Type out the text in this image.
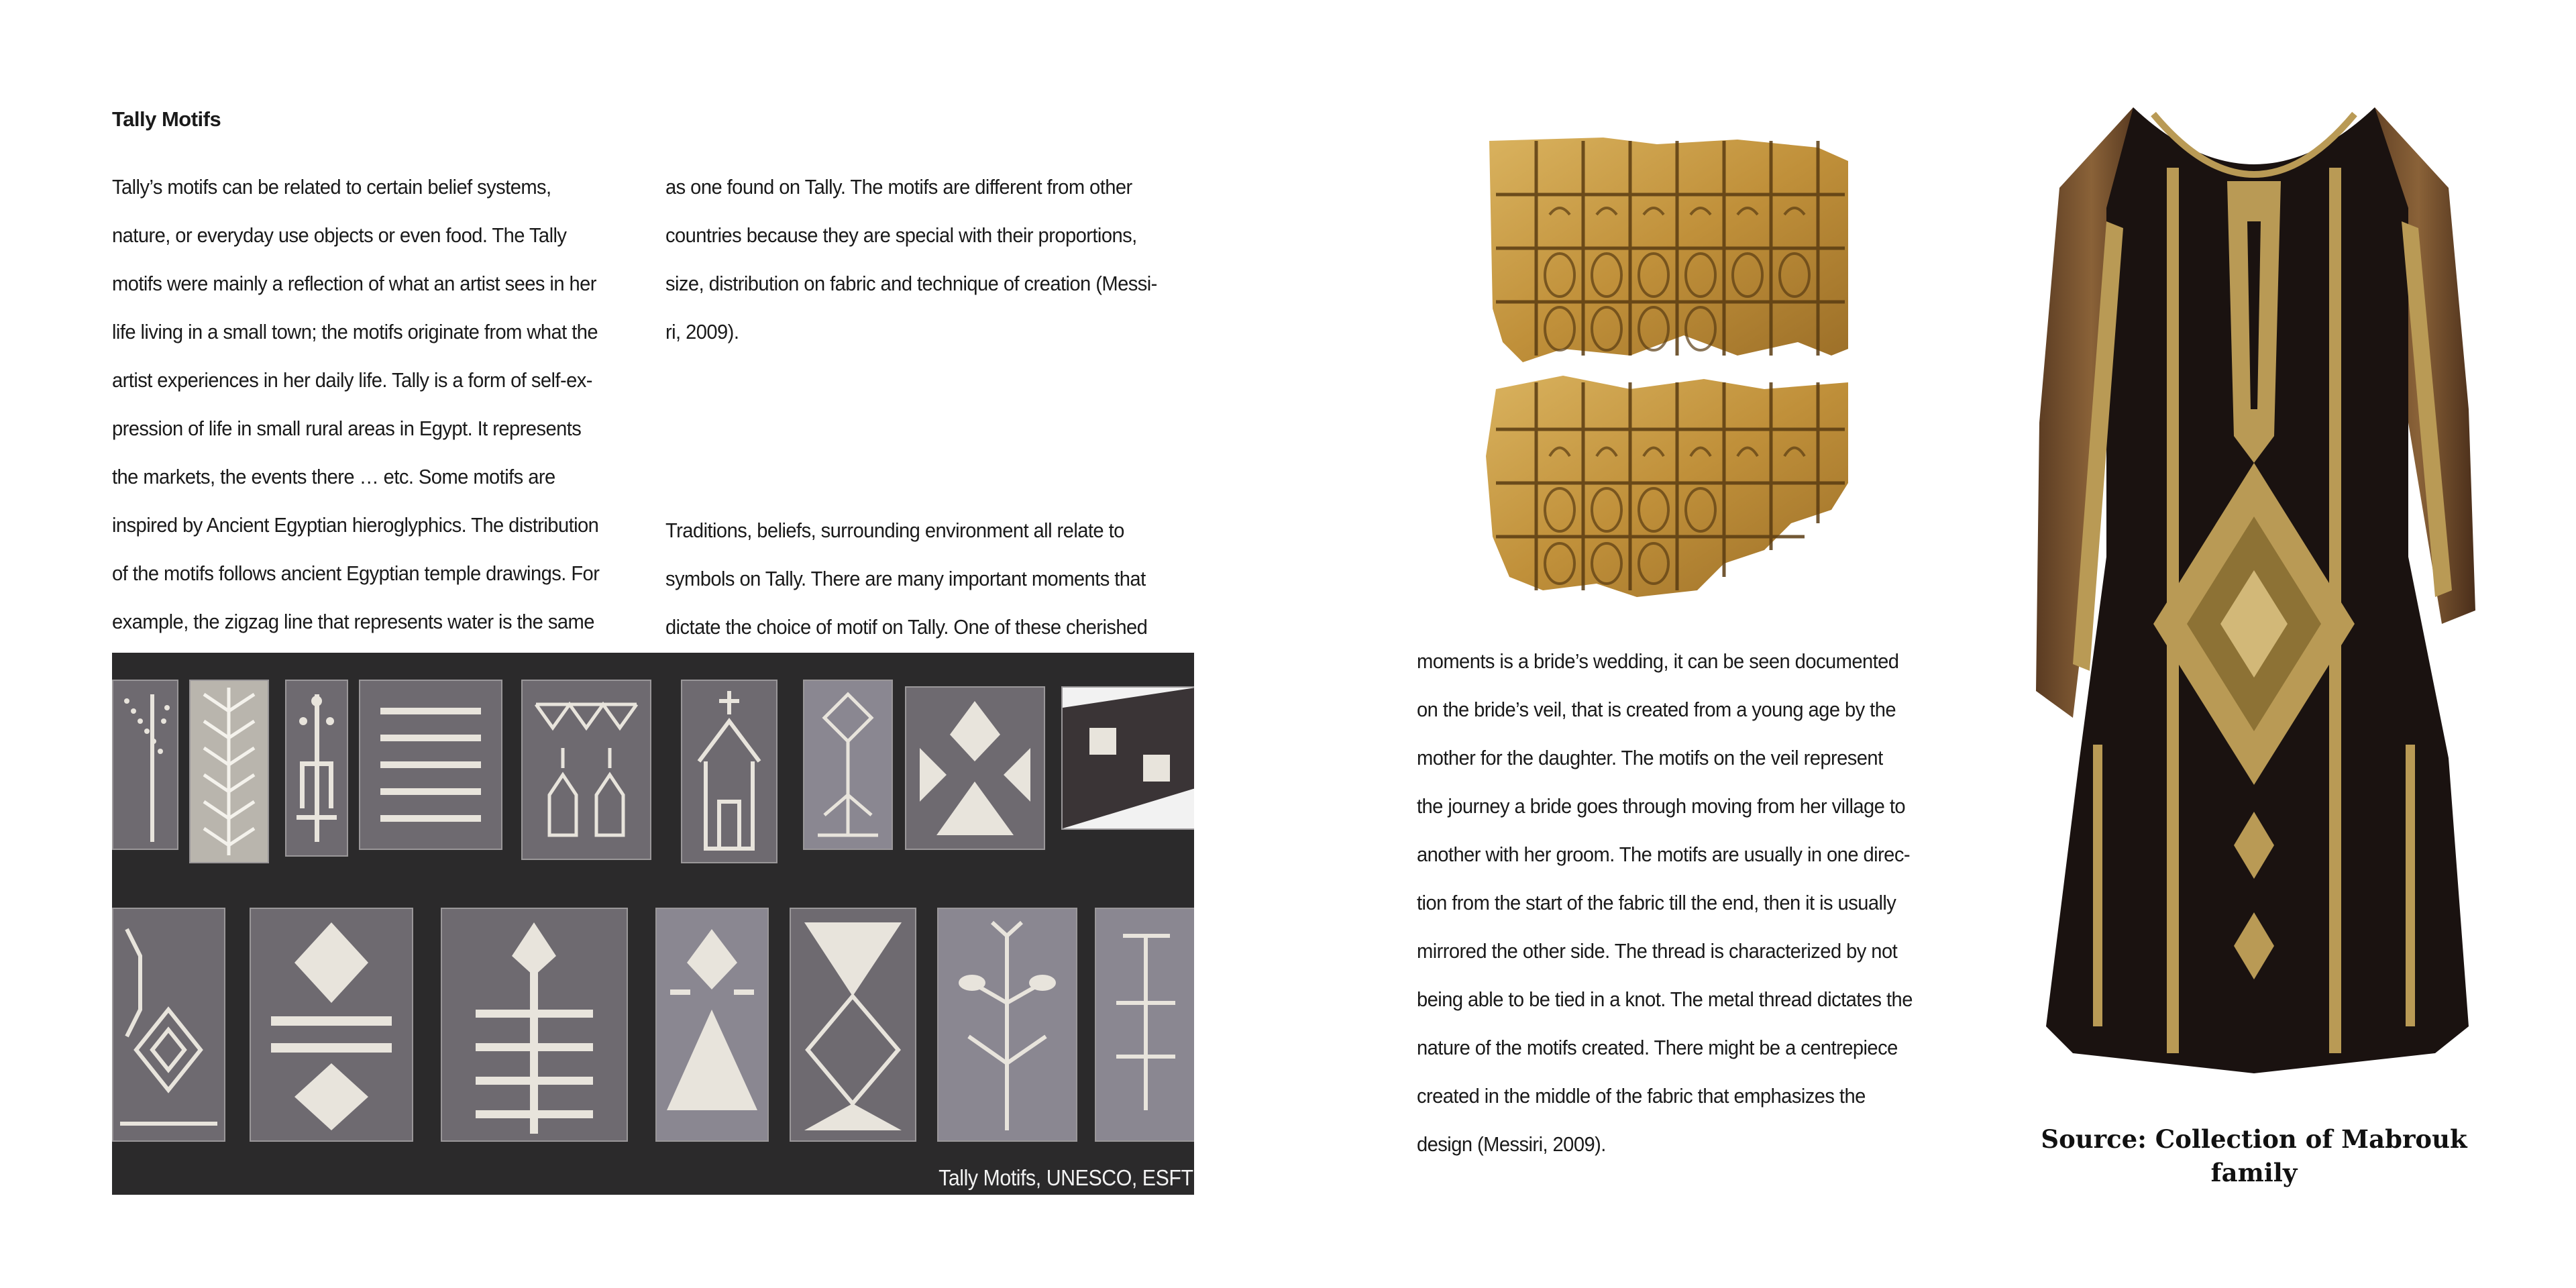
Tally Motifs

Tally’s motifs can be related to certain belief systems,

nature, or everyday use objects or even food. The Tally

motifs were mainly a reflection of what an artist sees in her

life living in a small town; the motifs originate from what the

artist experiences in her daily life. Tally is a form of self-ex-

pression of life in small rural areas in Egypt. It represents

the markets, the events there … etc. Some motifs are

inspired by Ancient Egyptian hieroglyphics. The distribution

of the motifs follows ancient Egyptian temple drawings. For

example, the zigzag line that represents water is the same

as one found on Tally. The motifs are different from other

countries because they are special with their proportions,

size, distribution on fabric and technique of creation (Messi-

ri, 2009).

Traditions, beliefs, surrounding environment all relate to

symbols on Tally. There are many important moments that

dictate the choice of motif on Tally. One of these cherished

moments is a bride’s wedding, it can be seen documented

on the bride’s veil, that is created from a young age by the

mother for the daughter. The motifs on the veil represent

the journey a bride goes through moving from her village to

another with her groom. The motifs are usually in one direc-

tion from the start of the fabric till the end, then it is usually

mirrored the other side. The thread is characterized by not

being able to be tied in a knot. The metal thread dictates the

nature of the motifs created. There might be a centrepiece

created in the middle of the fabric that emphasizes the

design (Messiri, 2009).

Tally Motifs, UNESCO, ESFT
Source: Collection of Mabrouk
family
